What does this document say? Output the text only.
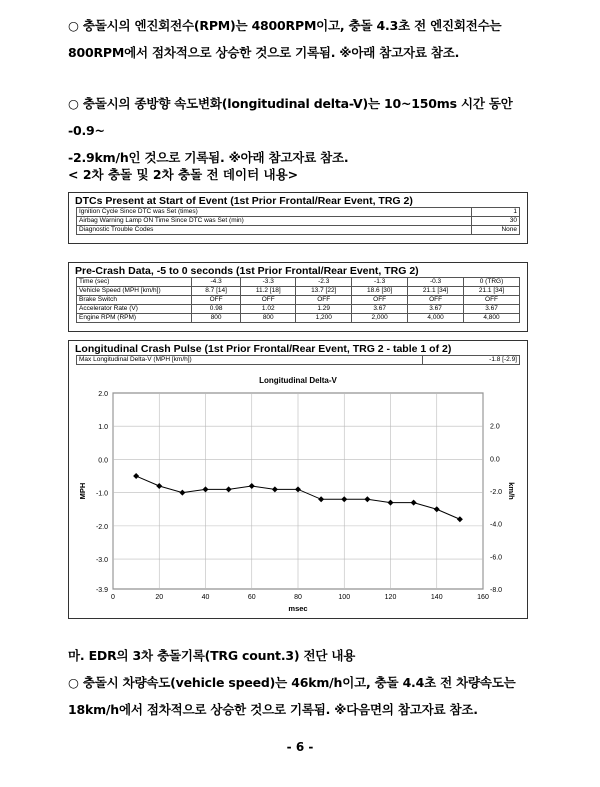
○ 충돌시의 엔진회전수(RPM)는 4800RPM이고, 충돌 4.3초 전 엔진회전수는
800RPM에서 점차적으로 상승한 것으로 기록됨. ※아래 참고자료 참조.
○ 충돌시의 종방향 속도변화(longitudinal delta-V)는 10~150ms 시간 동안 -0.9~
-2.9km/h인 것으로 기록됨. ※아래 참고자료 참조.
< 2차 충돌 및 2차 충돌 전 데이터 내용>
DTCs Present at Start of Event (1st Prior Frontal/Rear Event, TRG 2)
Ignition Cycle Since DTC was Set (times)	1
Airbag Warning Lamp ON Time Since DTC was Set (min)	30
Diagnostic Trouble Codes	None
Pre-Crash Data, -5 to 0 seconds (1st Prior Frontal/Rear Event, TRG 2)
Time (sec)	-4.3	-3.3	-2.3	-1.3	-0.3	0 (TRG)
Vehicle Speed (MPH [km/h])	8.7 [14]	11.2 [18]	13.7 [22]	18.6 [30]	21.1 [34]	21.1 [34]
Brake Switch	OFF	OFF	OFF	OFF	OFF	OFF
Accelerator Rate (V)	0.98	1.02	1.29	3.67	3.67	3.67
Engine RPM (RPM)	800	800	1,200	2,000	4,000	4,800
Longitudinal Crash Pulse (1st Prior Frontal/Rear Event, TRG 2 - table 1 of 2)
Max Longitudinal Delta-V (MPH [km/h])	-1.8 [-2.9]
Longitudinal Delta-V
2.0
1.0
0.0
-1.0
-2.0
-3.0
-3.9
0	20	40	60	80	100	120	140	160
2.0
0.0
-2.0
-4.0
-6.0
-8.0
msec
MPH	km/h
마. EDR의 3차 충돌기록(TRG count.3) 전단 내용
○ 충돌시 차량속도(vehicle speed)는 46km/h이고, 충돌 4.4초 전 차량속도는
18km/h에서 점차적으로 상승한 것으로 기록됨. ※다음면의 참고자료 참조.
- 6 -
